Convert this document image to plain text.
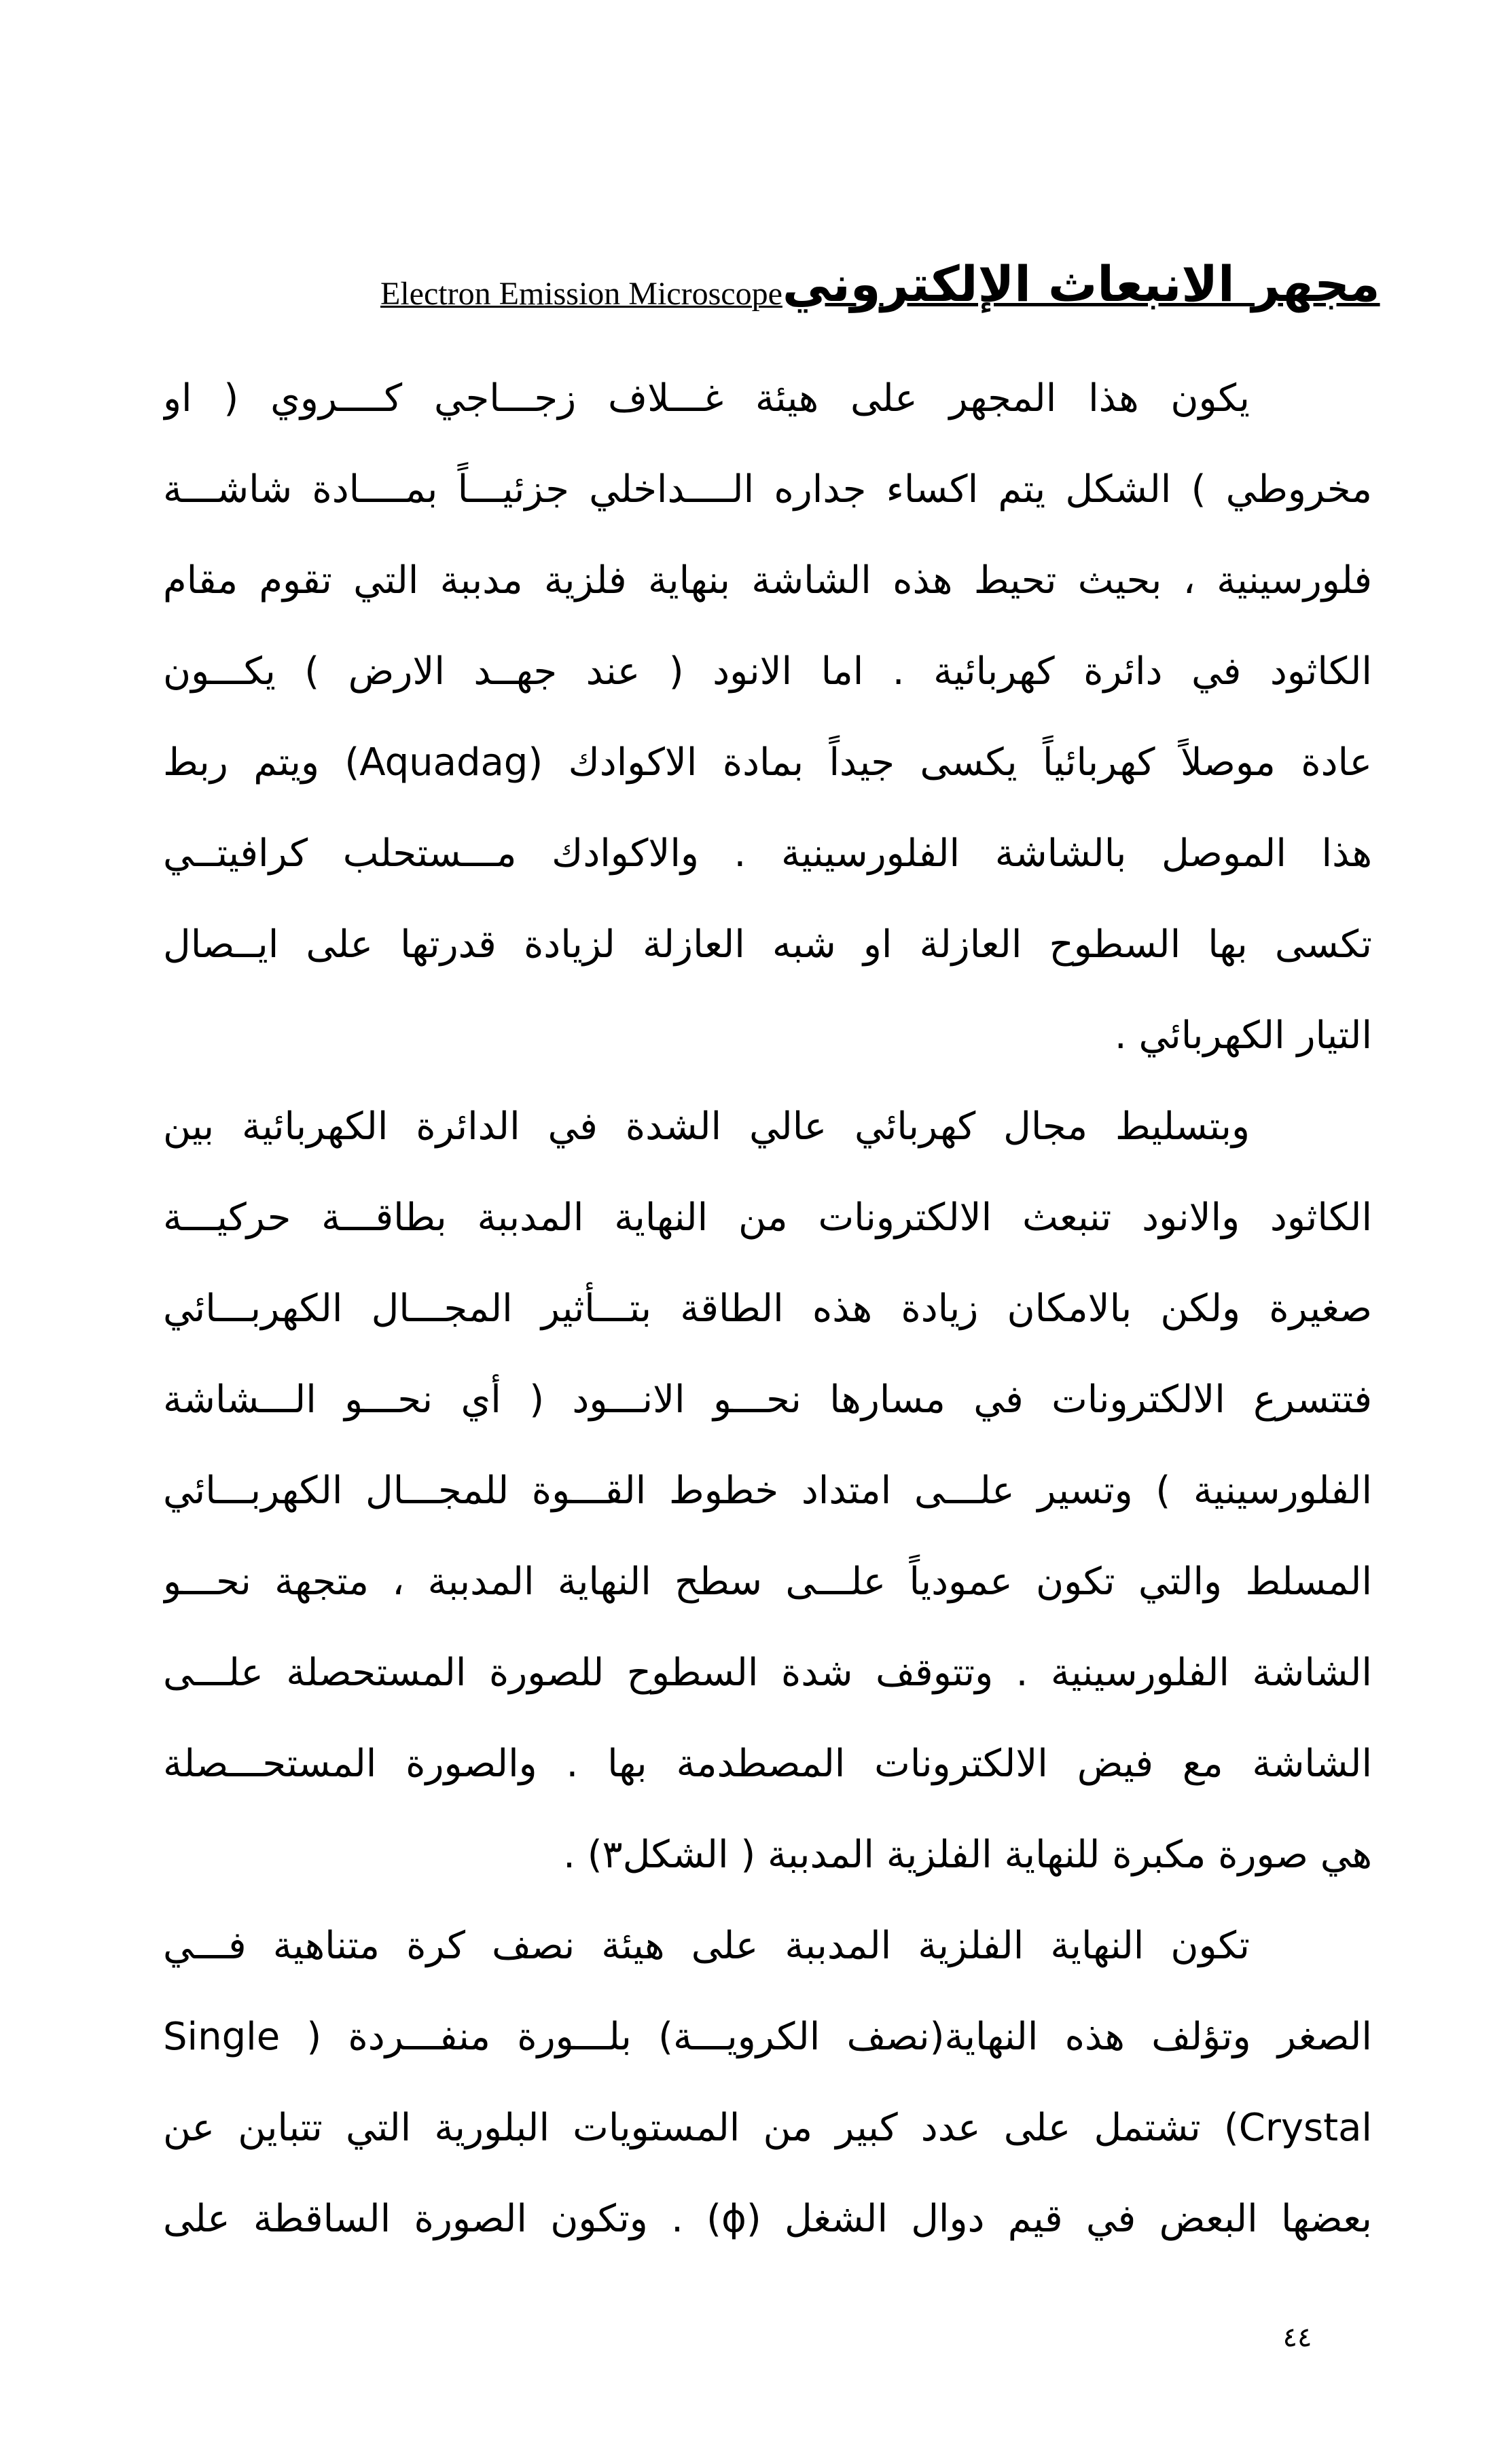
Electron Emission Microscope مجهر الانبعاث الإلكتروني
يكون هذا المجهر على هيئة غـــلاف زجـــاجي كــــروي ( او
مخروطي ) الشكل يتم اكساء جداره الــــداخلي جزئيـــاً بمــــادة شاشـــة
فلورسينية ، بحيث تحيط هذه الشاشة بنهاية فلزية مدببة التي تقوم مقام
الكاثود في دائرة كهربائية . اما الانود ( عند جهــد الارض ) يكـــون
عادة موصلاً كهربائياً يكسى جيداً بمادة الاكوادك (Aquadag) ويتم ربط
هذا الموصل بالشاشة الفلورسينية . والاكوادك مـــستحلب كرافيتــي
تكسى بها السطوح العازلة او شبه العازلة لزيادة قدرتها على ايــصال
التيار الكهربائي .
وبتسليط مجال كهربائي عالي الشدة في الدائرة الكهربائية بين
الكاثود والانود تنبعث الالكترونات من النهاية المدببة بطاقـــة حركيـــة
صغيرة ولكن بالامكان زيادة هذه الطاقة بتـــأثير المجـــال الكهربـــائي
فتتسرع الالكترونات في مسارها نحـــو الانـــود ( أي نحـــو الـــشاشة
الفلورسينية ) وتسير علـــى امتداد خطوط القـــوة للمجـــال الكهربـــائي
المسلط والتي تكون عمودياً علـــى سطح النهاية المدببة ، متجهة نحـــو
الشاشة الفلورسينية . وتتوقف شدة السطوح للصورة المستحصلة علـــى
الشاشة مع فيض الالكترونات المصطدمة بها . والصورة المستحـــصلة
هي صورة مكبرة للنهاية الفلزية المدببة ( الشكل٣) .
تكون النهاية الفلزية المدببة على هيئة نصف كرة متناهية فـــي
الصغر وتؤلف هذه النهاية(نصف الكرويـــة) بلـــورة منفـــردة ( Single
Crystal) تشتمل على عدد كبير من المستويات البلورية التي تتباين عن
بعضها البعض في قيم دوال الشغل (ϕ) . وتكون الصورة الساقطة على
٤٤
